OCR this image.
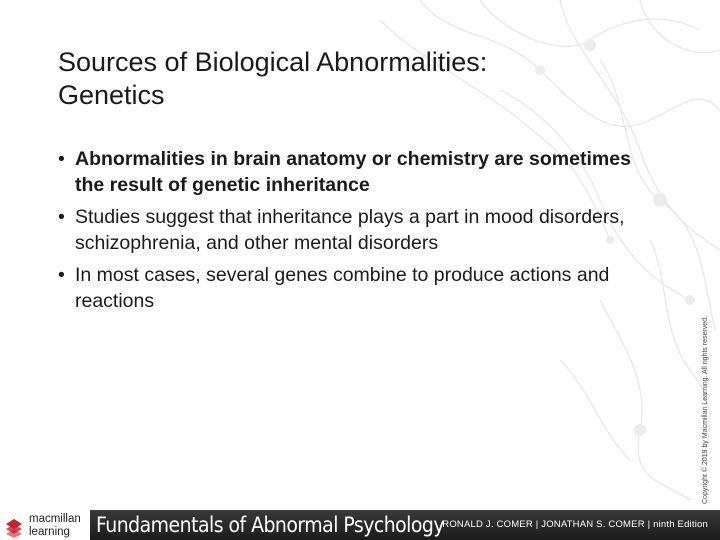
Sources of Biological Abnormalities:
Genetics
• Abnormalities in brain anatomy or chemistry are sometimes the result of genetic inheritance
• Studies suggest that inheritance plays a part in mood disorders, schizophrenia, and other mental disorders
• In most cases, several genes combine to produce actions and reactions
Copyright © 2019 by Macmillan Learning. All rights reserved.
macmillan
learning	Fundamentals of Abnormal Psychology
RONALD J. COMER | JONATHAN S. COMER | ninth Edition
